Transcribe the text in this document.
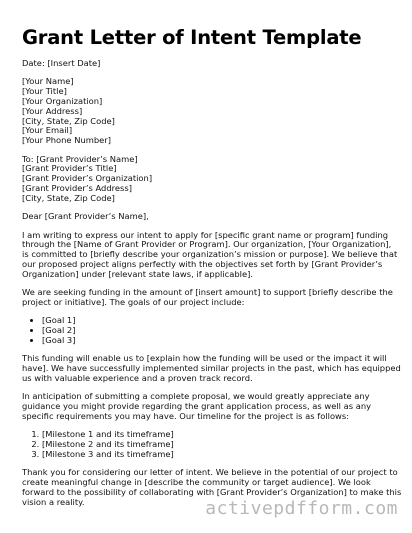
Grant Letter of Intent Template
Date: [Insert Date]
[Your Name]
[Your Title]
[Your Organization]
[Your Address]
[City, State, Zip Code]
[Your Email]
[Your Phone Number]
To: [Grant Provider’s Name]
[Grant Provider’s Title]
[Grant Provider’s Organization]
[Grant Provider’s Address]
[City, State, Zip Code]
Dear [Grant Provider’s Name],
I am writing to express our intent to apply for [specific grant name or program] funding
through the [Name of Grant Provider or Program]. Our organization, [Your Organization],
is committed to [briefly describe your organization’s mission or purpose]. We believe that
our proposed project aligns perfectly with the objectives set forth by [Grant Provider’s
Organization] under [relevant state laws, if applicable].
We are seeking funding in the amount of [insert amount] to support [briefly describe the
project or initiative]. The goals of our project include:
• [Goal 1]
• [Goal 2]
• [Goal 3]
This funding will enable us to [explain how the funding will be used or the impact it will
have]. We have successfully implemented similar projects in the past, which has equipped
us with valuable experience and a proven track record.
In anticipation of submitting a complete proposal, we would greatly appreciate any
guidance you might provide regarding the grant application process, as well as any
specific requirements you may have. Our timeline for the project is as follows:
1. [Milestone 1 and its timeframe]
2. [Milestone 2 and its timeframe]
3. [Milestone 3 and its timeframe]
Thank you for considering our letter of intent. We believe in the potential of our project to
create meaningful change in [describe the community or target audience]. We look
forward to the possibility of collaborating with [Grant Provider’s Organization] to make this
vision a reality.	activepdfform.com
